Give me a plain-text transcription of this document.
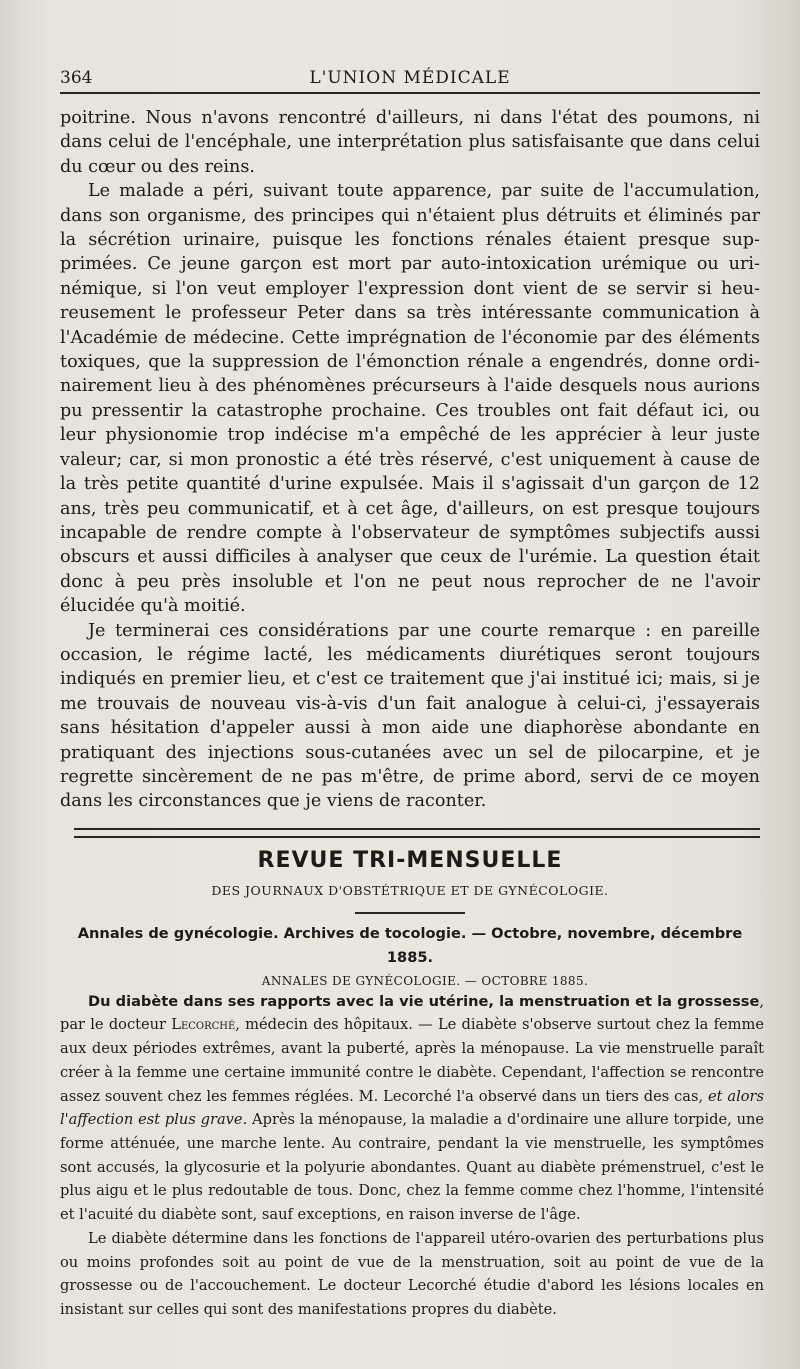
364	L'UNION MÉDICALE

poitrine. Nous n'avons rencontré d'ailleurs, ni dans l'état des poumons, ni dans celui de l'encéphale, une interprétation plus satisfaisante que dans celui du cœur ou des reins.

Le malade a péri, suivant toute apparence, par suite de l'accumulation, dans son organisme, des principes qui n'étaient plus détruits et éliminés par la sécrétion urinaire, puisque les fonctions rénales étaient presque supprimées. Ce jeune garçon est mort par auto-intoxication urémique ou urinémique, si l'on veut employer l'expression dont vient de se servir si heureusement le professeur Peter dans sa très intéressante communication à l'Académie de médecine. Cette imprégnation de l'économie par des éléments toxiques, que la suppression de l'émonction rénale a engendrés, donne ordinairement lieu à des phénomènes précurseurs à l'aide desquels nous aurions pu pressentir la catastrophe prochaine. Ces troubles ont fait défaut ici, ou leur physionomie trop indécise m'a empêché de les apprécier à leur juste valeur; car, si mon pronostic a été très réservé, c'est uniquement à cause de la très petite quantité d'urine expulsée. Mais il s'agissait d'un garçon de 12 ans, très peu communicatif, et à cet âge, d'ailleurs, on est presque toujours incapable de rendre compte à l'observateur de symptômes subjectifs aussi obscurs et aussi difficiles à analyser que ceux de l'urémie. La question était donc à peu près insoluble et l'on ne peut nous reprocher de ne l'avoir élucidée qu'à moitié.

Je terminerai ces considérations par une courte remarque : en pareille occasion, le régime lacté, les médicaments diurétiques seront toujours indiqués en premier lieu, et c'est ce traitement que j'ai institué ici; mais, si je me trouvais de nouveau vis-à-vis d'un fait analogue à celui-ci, j'essayerais sans hésitation d'appeler aussi à mon aide une diaphorèse abondante en pratiquant des injections sous-cutanées avec un sel de pilocarpine, et je regrette sincèrement de ne pas m'être, de prime abord, servi de ce moyen dans les circonstances que je viens de raconter.

REVUE TRI-MENSUELLE
DES JOURNAUX D'OBSTÉTRIQUE ET DE GYNÉCOLOGIE.
Annales de gynécologie. Archives de tocologie. — Octobre, novembre, décembre 1885.
ANNALES DE GYNÉCOLOGIE. — OCTOBRE 1885.

Du diabète dans ses rapports avec la vie utérine, la menstruation et la grossesse, par le docteur Lecorché, médecin des hôpitaux. — Le diabète s'observe surtout chez la femme aux deux périodes extrêmes, avant la puberté, après la ménopause. La vie menstruelle paraît créer à la femme une certaine immunité contre le diabète. Cependant, l'affection se rencontre assez souvent chez les femmes réglées. M. Lecorché l'a observé dans un tiers des cas, et alors l'affection est plus grave. Après la ménopause, la maladie a d'ordinaire une allure torpide, une forme atténuée, une marche lente. Au contraire, pendant la vie menstruelle, les symptômes sont accusés, la glycosurie et la polyurie abondantes. Quant au diabète prémenstruel, c'est le plus aigu et le plus redoutable de tous. Donc, chez la femme comme chez l'homme, l'intensité et l'acuité du diabète sont, sauf exceptions, en raison inverse de l'âge.

Le diabète détermine dans les fonctions de l'appareil utéro-ovarien des perturbations plus ou moins profondes soit au point de vue de la menstruation, soit au point de vue de la grossesse ou de l'accouchement. Le docteur Lecorché étudie d'abord les lésions locales en insistant sur celles qui sont des manifestations propres du diabète.
